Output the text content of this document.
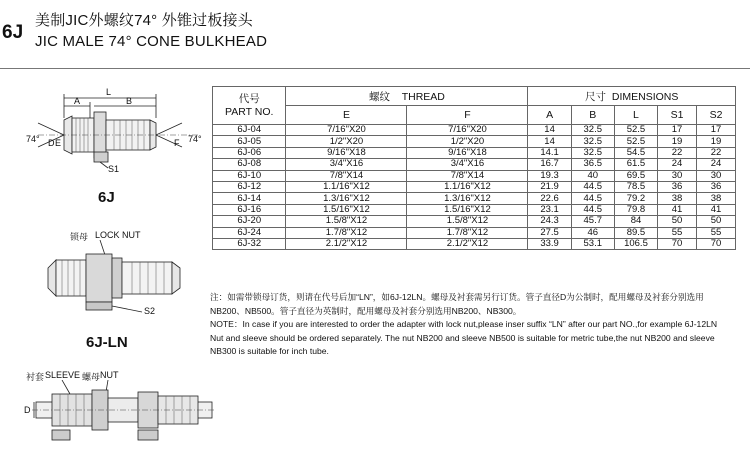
6J
美制JIC外螺纹74° 外锥过板接头
JIC MALE 74° CONE BULKHEAD
A
L
B
D E	F
S1
74°	74°
6J
锁母 LOCK NUT
S2
6J-LN
衬套 SLEEVE 螺母 NUT
D
代号
PART NO.	螺纹 THREAD		尺寸 DIMENSIONS				
	E	F	A	B	L	S1	S2
6J-04	7/16"X20	7/16"X20	14	32.5	52.5	17	17
6J-05	1/2"X20	1/2"X20	14	32.5	52.5	19	19
6J-06	9/16"X18	9/16"X18	14.1	32.5	54.5	22	22
6J-08	3/4"X16	3/4"X16	16.7	36.5	61.5	24	24
6J-10	7/8"X14	7/8"X14	19.3	40	69.5	30	30
6J-12	1.1/16"X12	1.1/16"X12	21.9	44.5	78.5	36	36
6J-14	1.3/16"X12	1.3/16"X12	22.6	44.5	79.2	38	38
6J-16	1.5/16"X12	1.5/16"X12	23.1	44.5	79.8	41	41
6J-20	1.5/8"X12	1.5/8"X12	24.3	45.7	84	50	50
6J-24	1.7/8"X12	1.7/8"X12	27.5	46	89.5	55	55
6J-32	2.1/2"X12	2.1/2"X12	33.9	53.1	106.5	70	70
注：如需带锁母订货，则请在代号后加“LN”，如6J-12LN。螺母及衬套需另行订货。管子直径D为公制时，配用螺母及衬套分别选用
NB200、NB500。管子直径为英制时，配用螺母及衬套分别选用NB200、NB300。
NOTE：In case if you are interested to order the adapter with lock nut,please inser suffix “LN” after our part NO.,for example 6J-12LN
Nut and sleeve should be ordered separately. The nut NB200 and sleeve NB500 is suitable for metric tube,the nut NB200 and sleeve
NB300 is suitable for inch tube.
